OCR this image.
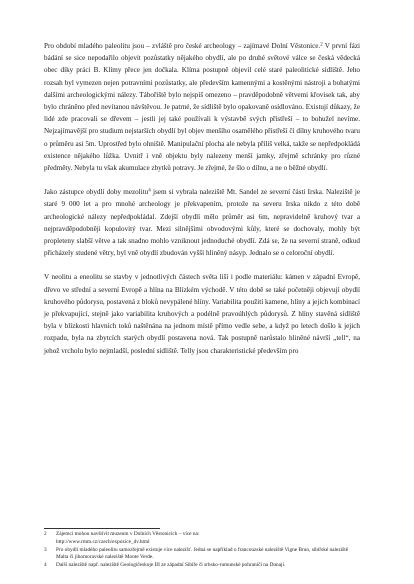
Pro období mladého paleolitu jsou – zvláště pro české archeology – zajímavé Dolní Věstonice.$^2$ V první fázi bádání se sice nepodařilo objevit pozůstatky nějakého obydlí, ale po druhé světové válce se česká vědecká obec díky práci B. Klímy přece jen dočkala. Klíma postupně objevil celé staré paleolitické sídliště. Jeho rozsah byl vymezen nejen potravními pozůstatky, ale především kamennými a kostěnými nástroji a bohatými dalšími archeologickými nálezy. Tábořiště bylo nejspíš omezeno – pravděpodobně větvemi křovisek tak, aby bylo chráněno před nevítanou návštěvou. Je patrné, že sídliště bylo opakovaně osídlováno. Existují důkazy, že lidé zde pracovali se dřevem – jestli jej také používali k výstavbě svých přístřeší – to bohužel nevíme. Nejzajímavější pro studium nejstarších obydlí byl objev menšího osamělého přístřeší či dílny kruhového tvaru o průměru asi 5m. Uprostřed bylo ohniště. Manipulační plocha ale nebyla příliš velká, takže se nepředpokládá existence nějakého lůžka. Uvnitř i vně objektu byly nalezeny menší jamky, zřejmě schránky pro různé předměty. Nebyla tu však akumulace zbytků potravy. Je zřejmé, že šlo o dílnu, a ne o běžné obydlí.

Jako zástupce obydlí doby mezolitu$^4$ jsem si vybrala naleziště Mt. Sandel ze severní části Irska. Naleziště je staré 9 000 let a pro mnohé archeology je překvapením, protože na severu Irska nikdo z této době archeologické nálezy nepředpokládal. Zdejší obydlí mělo průměr asi 6m, nepravidelně kruhový tvar a nejpravděpodobněji kopulovitý tvar. Mezi silnějšími obvodovými kůly, které se dochovaly, mohly být propleteny slabší větve a tak snadno mohlo vzniknout jednoduché obydlí. Zdá se, že na severní straně, odkud přicházely studené větry, byl vně obydlí zbudován vyšší hliněný násyp. Jednalo se o celoroční obydlí.

V neolitu a eneolitu se stavby v jednotlivých částech světa liší i podle materiálu: kámen v západní Evropě, dřevo ve střední a severní Evropě a hlína na Blízkém východě. V této době se také početněji objevují obydlí kruhového půdorysu, postavená z bloků nevypálené hlíny. Variabilita použití kamene, hlíny a jejich kombinací je překvapující, stejně jako variabilita kruhových a podélně pravoúhlých půdorysů. Z hlíny stavěná sídliště byla v blízkosti hlavních toků naštěnána na jednom místě přímo vedle sebe, a když po letech došlo k jejich rozpadu, byla na zbytcích starých obydlí postavena nová. Tak postupně narůstalo hliněné návrší „tell“, na jehož vrcholu bylo nejmladší, poslední sídliště. Telly jsou charakteristické především pro

2	Zájemci mohou navštívit muzeum v Dolních Věstonicích – více na:
http://www.rmm.cz/czech/expozice_dv.html
3	Pro obydlí mladého paleolitu samozřejmě existuje více nalezišť. Jedná se například o francouzské naleziště Vigne Brun, sibiřské naleziště Malta či jihomoravské naleziště Monte Verde.
4	Další naleziště např. naleziště Geologičeskoje III ze západní Sibiře či srbsko-rumunské pohraničí na Dunaji.
